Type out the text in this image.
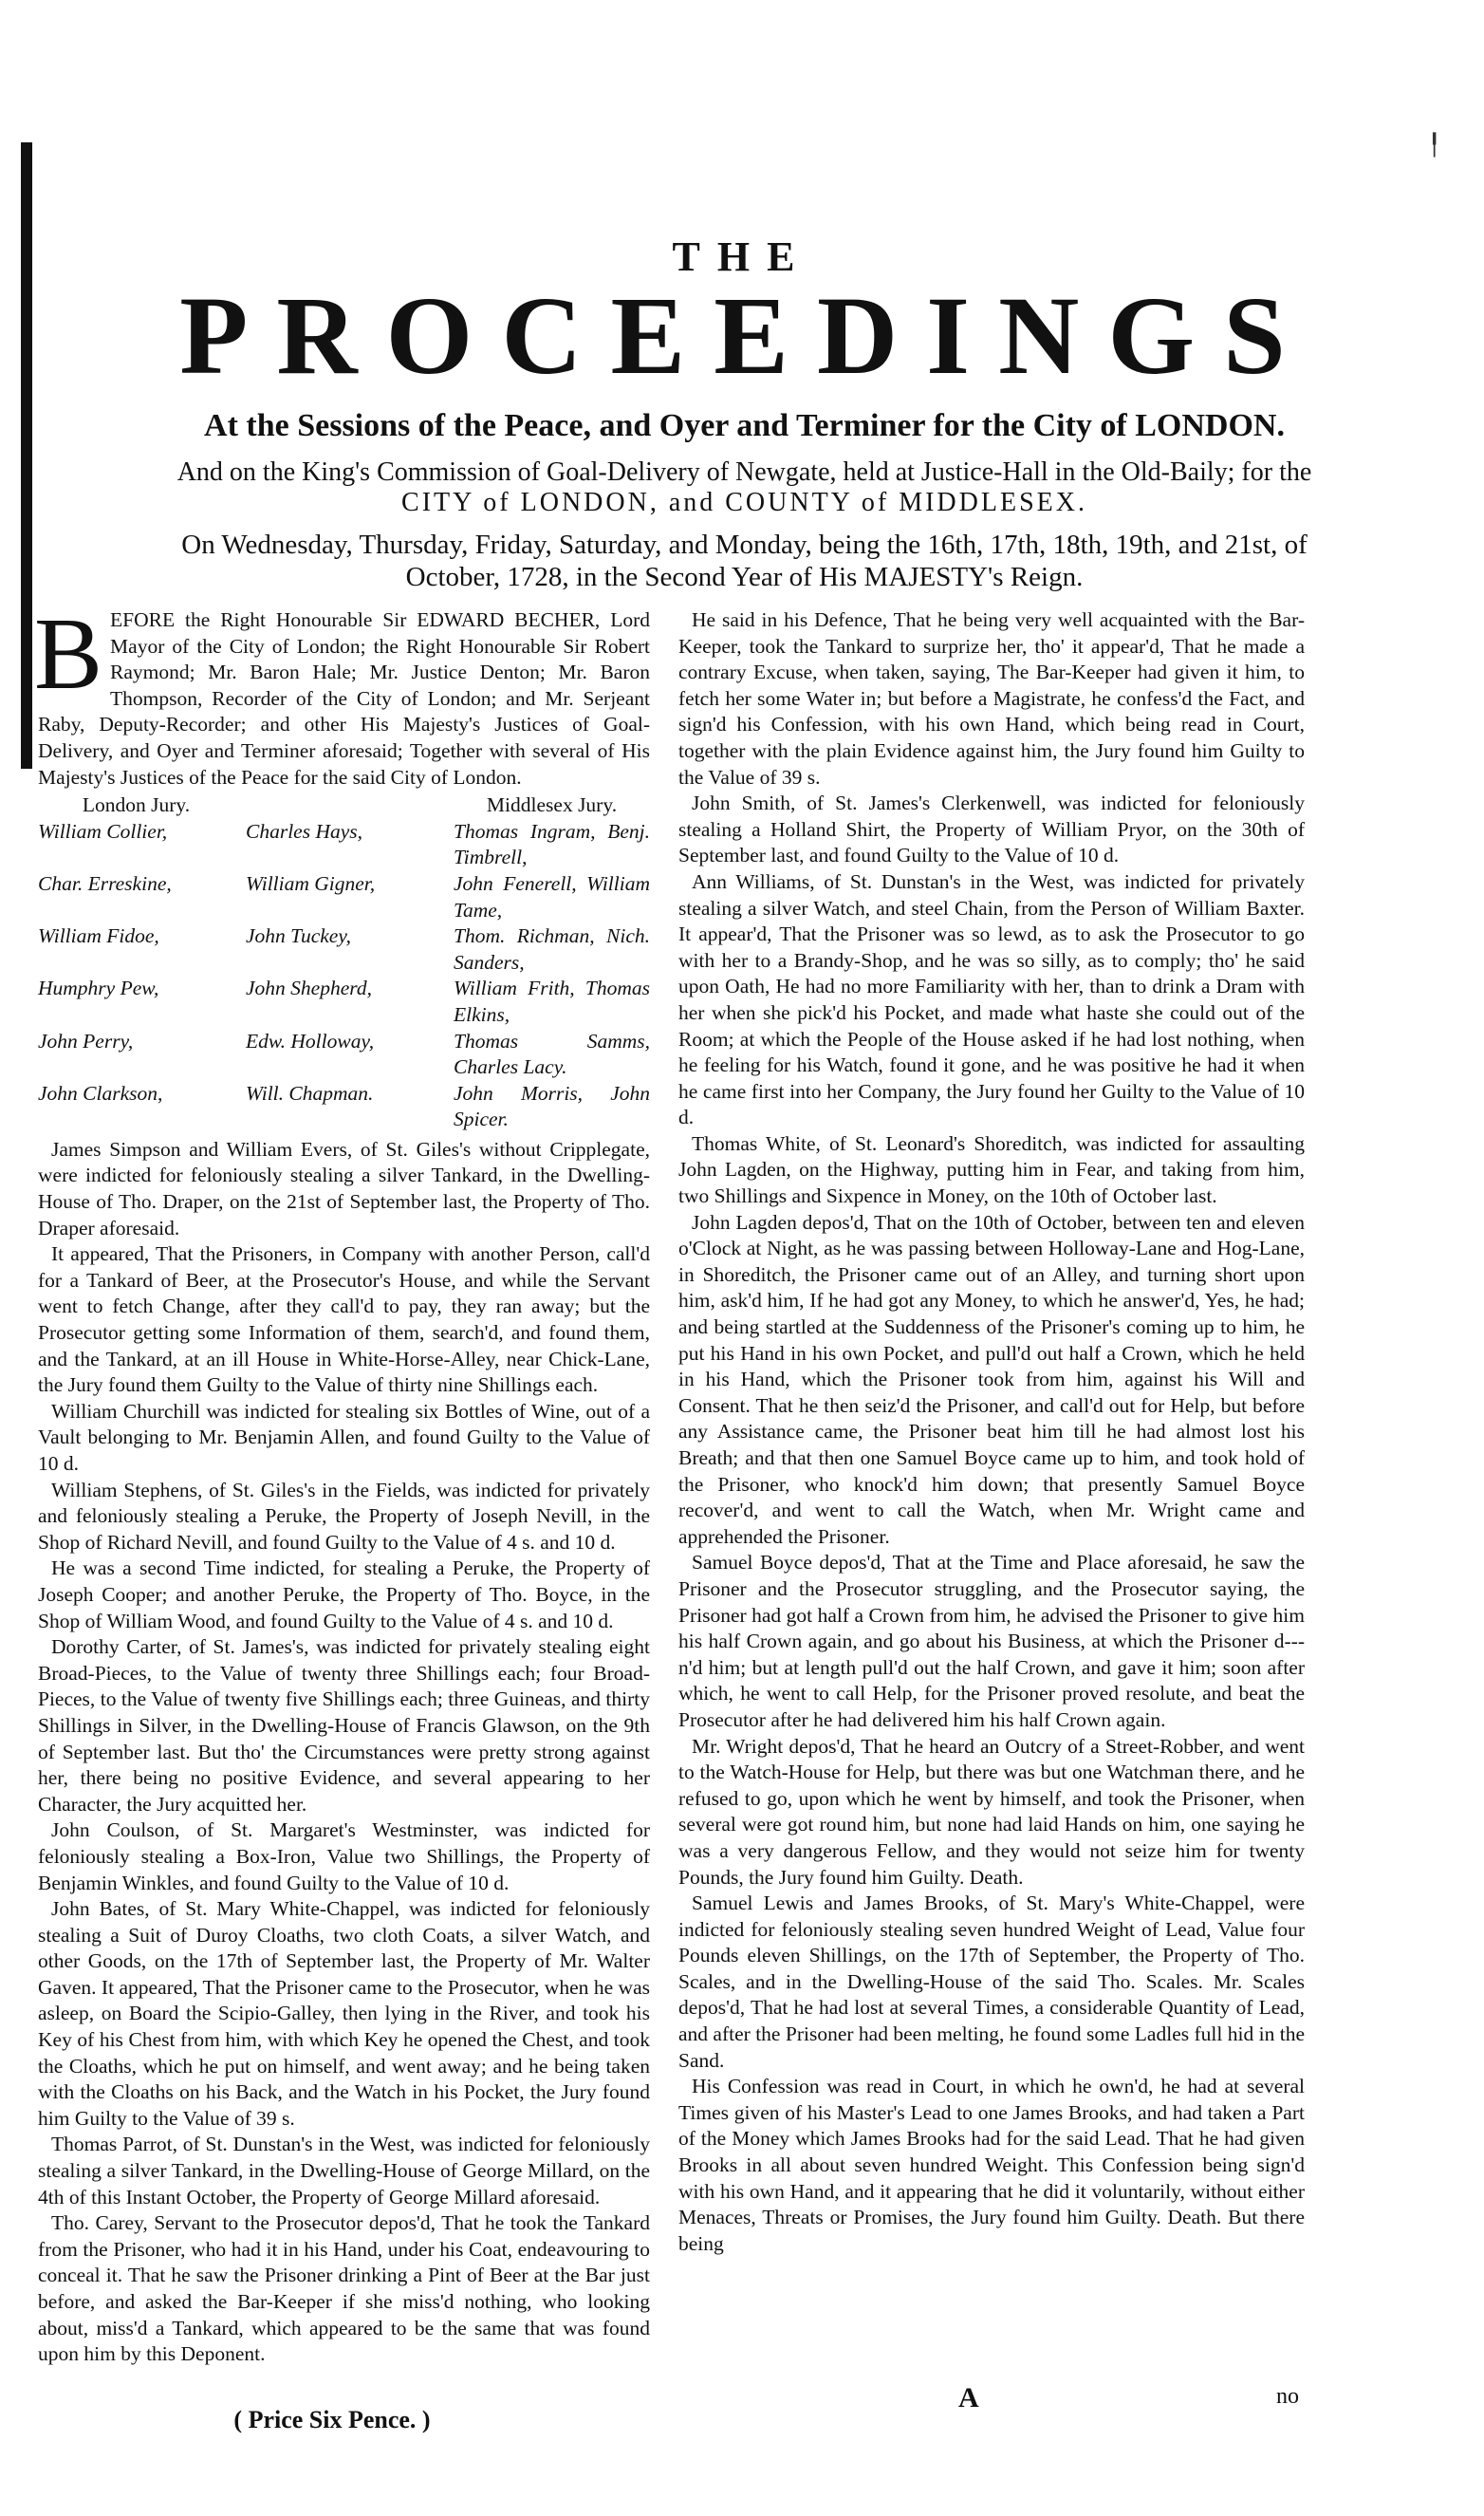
╿
THE
PROCEEDINGS
At the Sessions of the Peace, and Oyer and Terminer for the City of LONDON.
And on the King's Commission of Goal-Delivery of Newgate, held at Justice-Hall in the Old-Baily; for the
CITY of LONDON, and COUNTY of MIDDLESEX.
On Wednesday, Thursday, Friday, Saturday, and Monday, being the 16th, 17th, 18th, 19th, and 21st, of
October, 1728, in the Second Year of His MAJESTY's Reign.

BEFORE the Right Honourable Sir EDWARD BECHER, Lord Mayor of the City of London; the Right Honourable Sir Robert Raymond; Mr. Baron Hale; Mr. Justice Denton; Mr. Baron Thompson, Recorder of the City of London; and Mr. Serjeant Raby, Deputy-Recorder; and other His Majesty's Justices of Goal-Delivery, and Oyer and Terminer aforesaid; Together with several of His Majesty's Justices of the Peace for the said City of London.

London Jury.	Middlesex Jury.
William Collier,	Charles Hays,	Thomas Ingram, Benj. Timbrell,
Char. Erreskine,	William Gigner,	John Fenerell, William Tame,
William Fidoe,	John Tuckey,	Thom. Richman, Nich. Sanders,
Humphry Pew,	John Shepherd,	William Frith, Thomas Elkins,
John Perry,	Edw. Holloway,	Thomas Samms, Charles Lacy.
John Clarkson,	Will. Chapman.	John Morris, John Spicer.

James Simpson and William Evers, of St. Giles's without Cripplegate, were indicted for feloniously stealing a silver Tankard, in the Dwelling-House of Tho. Draper, on the 21st of September last, the Property of Tho. Draper aforesaid.

It appeared, That the Prisoners, in Company with another Person, call'd for a Tankard of Beer, at the Prosecutor's House, and while the Servant went to fetch Change, after they call'd to pay, they ran away; but the Prosecutor getting some Information of them, search'd, and found them, and the Tankard, at an ill House in White-Horse-Alley, near Chick-Lane, the Jury found them Guilty to the Value of thirty nine Shillings each.

William Churchill was indicted for stealing six Bottles of Wine, out of a Vault belonging to Mr. Benjamin Allen, and found Guilty to the Value of 10 d.

William Stephens, of St. Giles's in the Fields, was indicted for privately and feloniously stealing a Peruke, the Property of Joseph Nevill, in the Shop of Richard Nevill, and found Guilty to the Value of 4 s. and 10 d.

He was a second Time indicted, for stealing a Peruke, the Property of Joseph Cooper; and another Peruke, the Property of Tho. Boyce, in the Shop of William Wood, and found Guilty to the Value of 4 s. and 10 d.

Dorothy Carter, of St. James's, was indicted for privately stealing eight Broad-Pieces, to the Value of twenty three Shillings each; four Broad-Pieces, to the Value of twenty five Shillings each; three Guineas, and thirty Shillings in Silver, in the Dwelling-House of Francis Glawson, on the 9th of September last. But tho' the Circumstances were pretty strong against her, there being no positive Evidence, and several appearing to her Character, the Jury acquitted her.

John Coulson, of St. Margaret's Westminster, was indicted for feloniously stealing a Box-Iron, Value two Shillings, the Property of Benjamin Winkles, and found Guilty to the Value of 10 d.

John Bates, of St. Mary White-Chappel, was indicted for feloniously stealing a Suit of Duroy Cloaths, two cloth Coats, a silver Watch, and other Goods, on the 17th of September last, the Property of Mr. Walter Gaven. It appeared, That the Prisoner came to the Prosecutor, when he was asleep, on Board the Scipio-Galley, then lying in the River, and took his Key of his Chest from him, with which Key he opened the Chest, and took the Cloaths, which he put on himself, and went away; and he being taken with the Cloaths on his Back, and the Watch in his Pocket, the Jury found him Guilty to the Value of 39 s.

Thomas Parrot, of St. Dunstan's in the West, was indicted for feloniously stealing a silver Tankard, in the Dwelling-House of George Millard, on the 4th of this Instant October, the Property of George Millard aforesaid.

Tho. Carey, Servant to the Prosecutor depos'd, That he took the Tankard from the Prisoner, who had it in his Hand, under his Coat, endeavouring to conceal it. That he saw the Prisoner drinking a Pint of Beer at the Bar just before, and asked the Bar-Keeper if she miss'd nothing, who looking about, miss'd a Tankard, which appeared to be the same that was found upon him by this Deponent.

He said in his Defence, That he being very well acquainted with the Bar-Keeper, took the Tankard to surprize her, tho' it appear'd, That he made a contrary Excuse, when taken, saying, The Bar-Keeper had given it him, to fetch her some Water in; but before a Magistrate, he confess'd the Fact, and sign'd his Confession, with his own Hand, which being read in Court, together with the plain Evidence against him, the Jury found him Guilty to the Value of 39 s.

John Smith, of St. James's Clerkenwell, was indicted for feloniously stealing a Holland Shirt, the Property of William Pryor, on the 30th of September last, and found Guilty to the Value of 10 d.

Ann Williams, of St. Dunstan's in the West, was indicted for privately stealing a silver Watch, and steel Chain, from the Person of William Baxter. It appear'd, That the Prisoner was so lewd, as to ask the Prosecutor to go with her to a Brandy-Shop, and he was so silly, as to comply; tho' he said upon Oath, He had no more Familiarity with her, than to drink a Dram with her when she pick'd his Pocket, and made what haste she could out of the Room; at which the People of the House asked if he had lost nothing, when he feeling for his Watch, found it gone, and he was positive he had it when he came first into her Company, the Jury found her Guilty to the Value of 10 d.

Thomas White, of St. Leonard's Shoreditch, was indicted for assaulting John Lagden, on the Highway, putting him in Fear, and taking from him, two Shillings and Sixpence in Money, on the 10th of October last.

John Lagden depos'd, That on the 10th of October, between ten and eleven o'Clock at Night, as he was passing between Holloway-Lane and Hog-Lane, in Shoreditch, the Prisoner came out of an Alley, and turning short upon him, ask'd him, If he had got any Money, to which he answer'd, Yes, he had; and being startled at the Suddenness of the Prisoner's coming up to him, he put his Hand in his own Pocket, and pull'd out half a Crown, which he held in his Hand, which the Prisoner took from him, against his Will and Consent. That he then seiz'd the Prisoner, and call'd out for Help, but before any Assistance came, the Prisoner beat him till he had almost lost his Breath; and that then one Samuel Boyce came up to him, and took hold of the Prisoner, who knock'd him down; that presently Samuel Boyce recover'd, and went to call the Watch, when Mr. Wright came and apprehended the Prisoner.

Samuel Boyce depos'd, That at the Time and Place aforesaid, he saw the Prisoner and the Prosecutor struggling, and the Prosecutor saying, the Prisoner had got half a Crown from him, he advised the Prisoner to give him his half Crown again, and go about his Business, at which the Prisoner d---n'd him; but at length pull'd out the half Crown, and gave it him; soon after which, he went to call Help, for the Prisoner proved resolute, and beat the Prosecutor after he had delivered him his half Crown again.

Mr. Wright depos'd, That he heard an Outcry of a Street-Robber, and went to the Watch-House for Help, but there was but one Watchman there, and he refused to go, upon which he went by himself, and took the Prisoner, when several were got round him, but none had laid Hands on him, one saying he was a very dangerous Fellow, and they would not seize him for twenty Pounds, the Jury found him Guilty. Death.

Samuel Lewis and James Brooks, of St. Mary's White-Chappel, were indicted for feloniously stealing seven hundred Weight of Lead, Value four Pounds eleven Shillings, on the 17th of September, the Property of Tho. Scales, and in the Dwelling-House of the said Tho. Scales. Mr. Scales depos'd, That he had lost at several Times, a considerable Quantity of Lead, and after the Prisoner had been melting, he found some Ladles full hid in the Sand.

His Confession was read in Court, in which he own'd, he had at several Times given of his Master's Lead to one James Brooks, and had taken a Part of the Money which James Brooks had for the said Lead. That he had given Brooks in all about seven hundred Weight. This Confession being sign'd with his own Hand, and it appearing that he did it voluntarily, without either Menaces, Threats or Promises, the Jury found him Guilty. Death. But there being

( Price Six Pence. )
A	no
